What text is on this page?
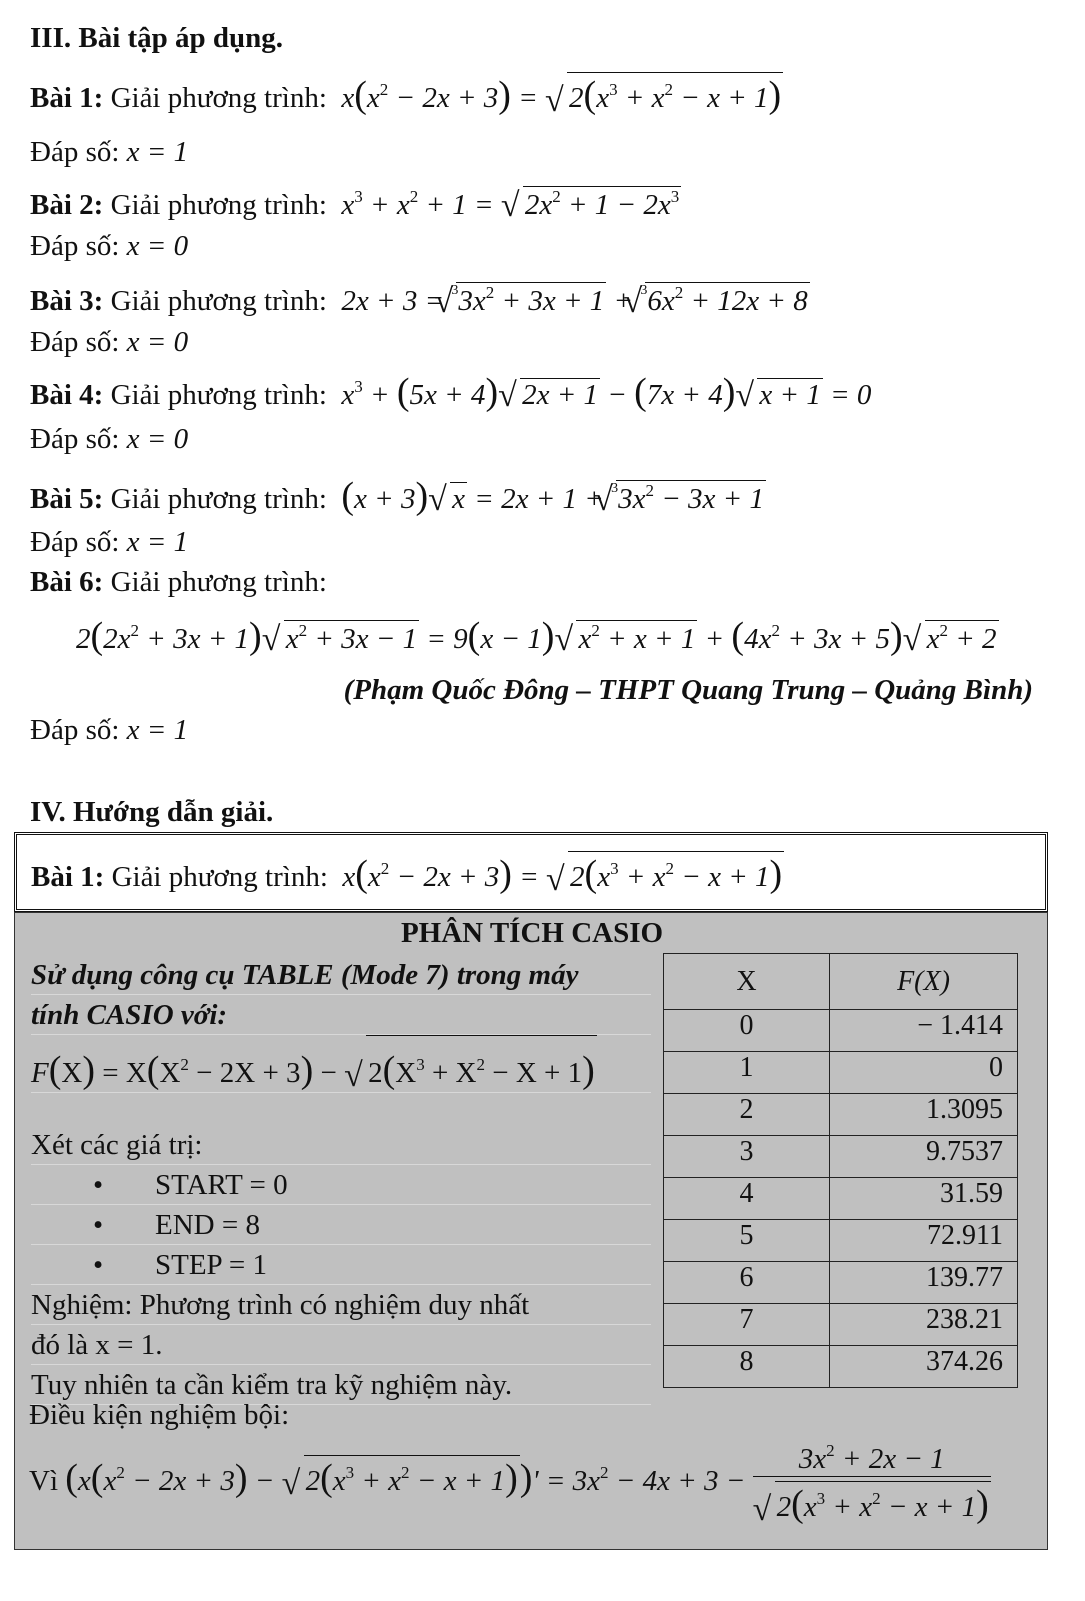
III. Bài tập áp dụng.
Bài 1: Giải phương trình:  $x(x^2 - 2x + 3)$ = √ $2(x^3 + x^2 - x + 1)$
Đáp số: x = 1
Bài 2: Giải phương trình:  $x^3 + x^2 + 1$ = √ $2x^2 + 1 - 2x^3$
Đáp số: x = 0
Bài 3: Giải phương trình:  2x + 3 = $^3$√ $3x^2 + 3x + 1 + ^3√$ $6x^2 + 12x + 8$
Đáp số: x = 0
Bài 4: Giải phương trình:  $x^3 + (5x + 4)$ √ 2x + 1 − (7x + 4) √ x + 1 = 0
Đáp số: x = 0
Bài 5: Giải phương trình: (x + 3) √ x = 2x + 1 + $^3$√ $3x^2 - 3x + 1$
Đáp số: x = 1
Bài 6: Giải phương trình:
$2(2x^2 + 3x + 1)$ √ $x^2 + 3x - 1 = 9(x - 1)$ √ $x^2 + x + 1 + (4x^2 + 3x + 5)$ √ $x^2 + 2$
(Phạm Quốc Đông – THPT Quang Trung – Quảng Bình)
Đáp số: x = 1
IV. Hướng dẫn giải.
Bài 1: Giải phương trình:  $x(x^2 - 2x + 3)$ = √ $2(x^3 + x^2 - x + 1)$
PHÂN TÍCH CASIO
Sử dụng công cụ TABLE (Mode 7) trong máy
tính CASIO với:
$F(X) = X(X^2 - 2X + 3)$ − √ $2(X^3 + X^2 - X + 1)$
Xét các giá trị:
• START = 0
• END = 8
• STEP = 1
Nghiệm: Phương trình có nghiệm duy nhất
đó là x = 1.
Tuy nhiên ta cần kiểm tra kỹ nghiệm này.
X	F(X)
0	− 1.414
1	0
2	1.3095
3	9.7537
4	31.59
5	72.911
6	139.77
7	238.21
8	374.26
Điều kiện nghiệm bội:
Vì ($x(x^2 - 2x + 3)$ − √ $2(x^3 + x^2 - x + 1))' = 3x^2 - 4x + 3 - 3x^2 + 2x - 1$
√ $2(x^3 + x^2 - x + 1)$
